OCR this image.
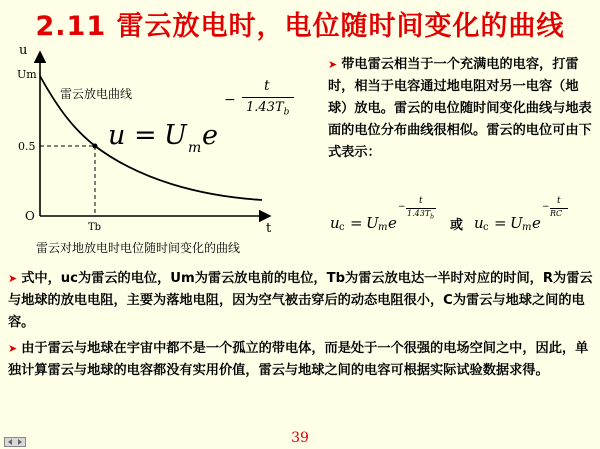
2.11 雷云放电时，电位随时间变化的曲线
u
Um
0.5
O
Tb	t
雷云放电曲线
雷云对地放电时电位随时间变化的曲线
u = U m e
−
t
$1.43T_b$
➤ 带电雷云相当于一个充满电的电容，打雷时，相当于电容通过地电阻对另一电容（地球）放电。雷云的电位随时间变化曲线与地表面的电位分布曲线很相似。雷云的电位可由下式表示：
u c = U m e
−
t
$1.43T_b$
或 u c = U m e
−
t
RC
➤ 式中，uc为雷云的电位，Um为雷云放电前的电位，Tb为雷云放电达一半时对应的时间，R为雷云与地球的放电电阻，主要为落地电阻，因为空气被击穿后的动态电阻很小，C为雷云与地球之间的电容。
➤ 由于雷云与地球在宇宙中都不是一个孤立的带电体，而是处于一个很强的电场空间之中，因此，单独计算雷云与地球的电容都没有实用价值，雷云与地球之间的电容可根据实际试验数据求得。
39
